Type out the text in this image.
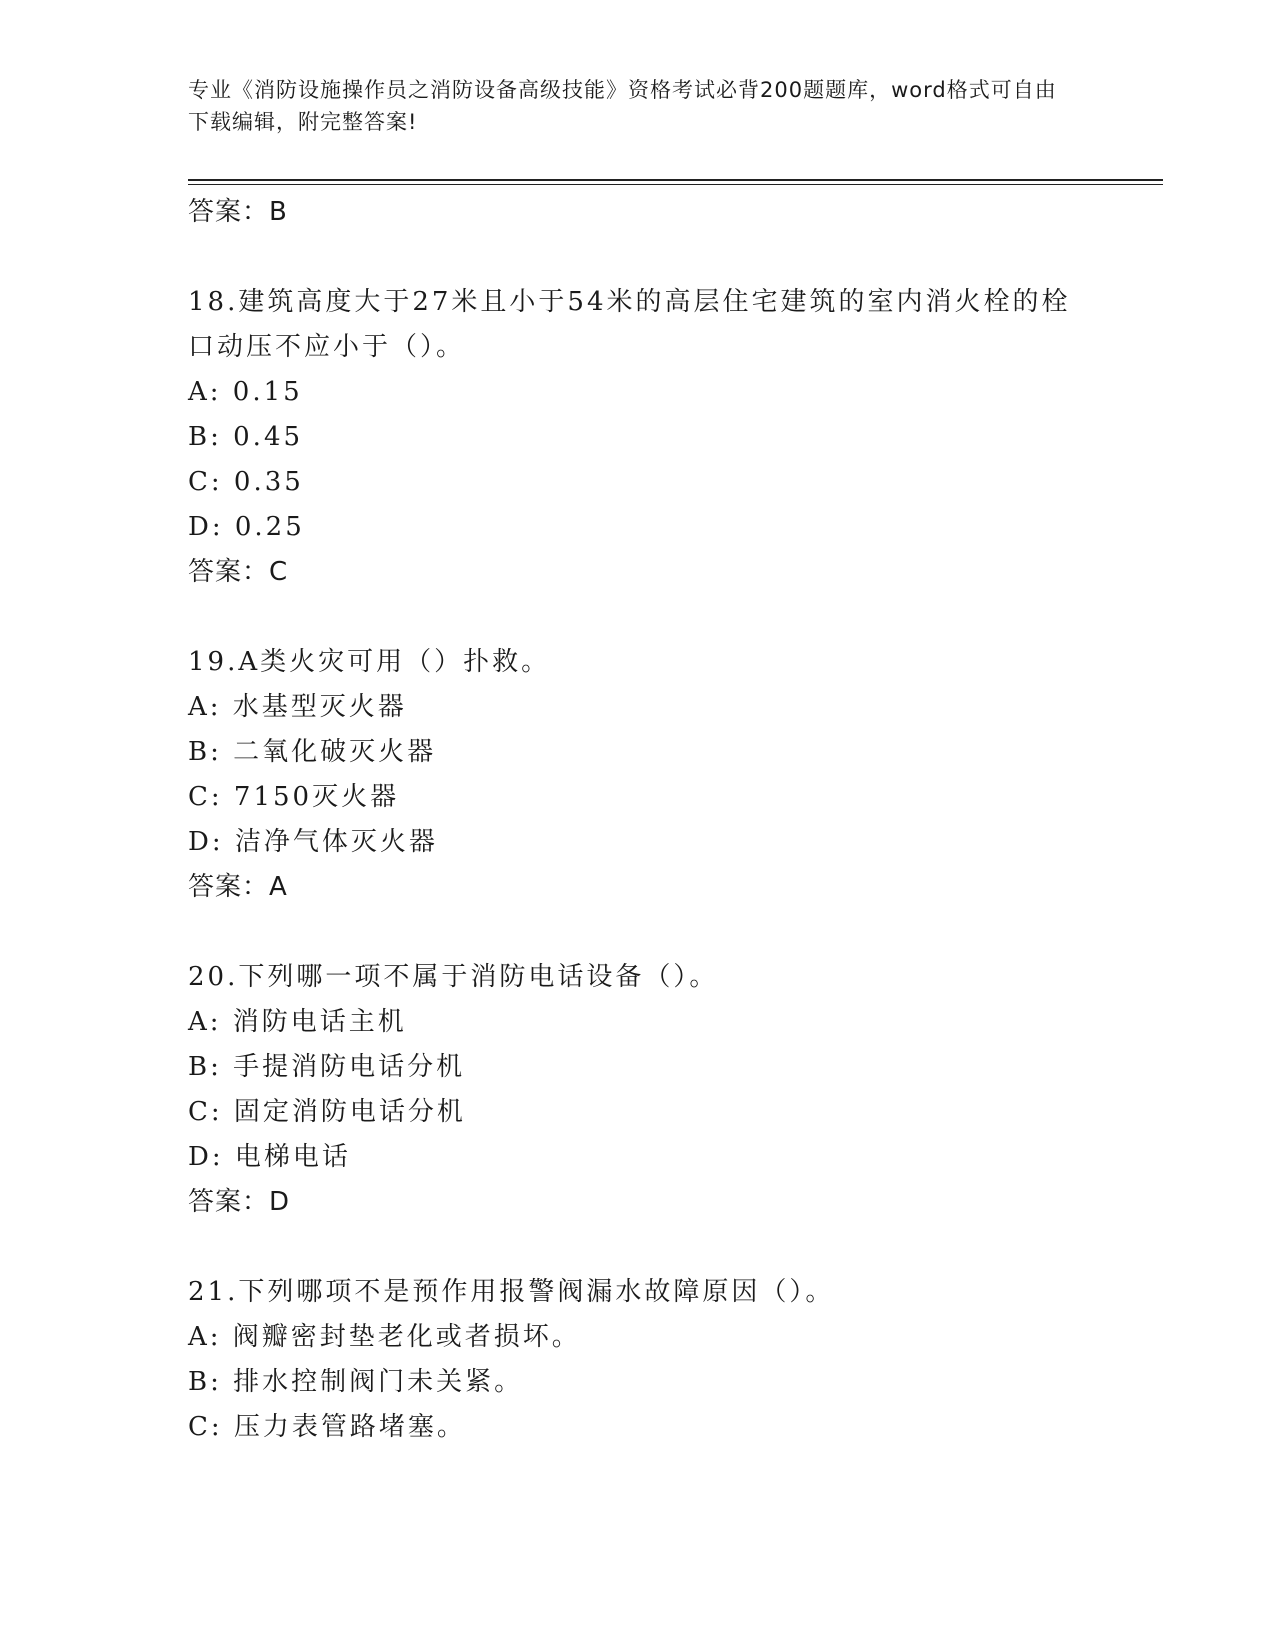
专业《消防设施操作员之消防设备高级技能》资格考试必背200题题库，word格式可自由下载编辑，附完整答案!
答案：B
18.建筑高度大于27米且小于54米的高层住宅建筑的室内消火栓的栓口动压不应小于（）。
A: 0.15
B: 0.45
C: 0.35
D: 0.25
答案：C
19.A类火灾可用（）扑救。
A: 水基型灭火器
B: 二氧化破灭火器
C: 7150灭火器
D: 洁净气体灭火器
答案：A
20.下列哪一项不属于消防电话设备（）。
A: 消防电话主机
B: 手提消防电话分机
C: 固定消防电话分机
D: 电梯电话
答案：D
21.下列哪项不是预作用报警阀漏水故障原因（）。
A: 阀瓣密封垫老化或者损坏。
B: 排水控制阀门未关紧。
C: 压力表管路堵塞。
